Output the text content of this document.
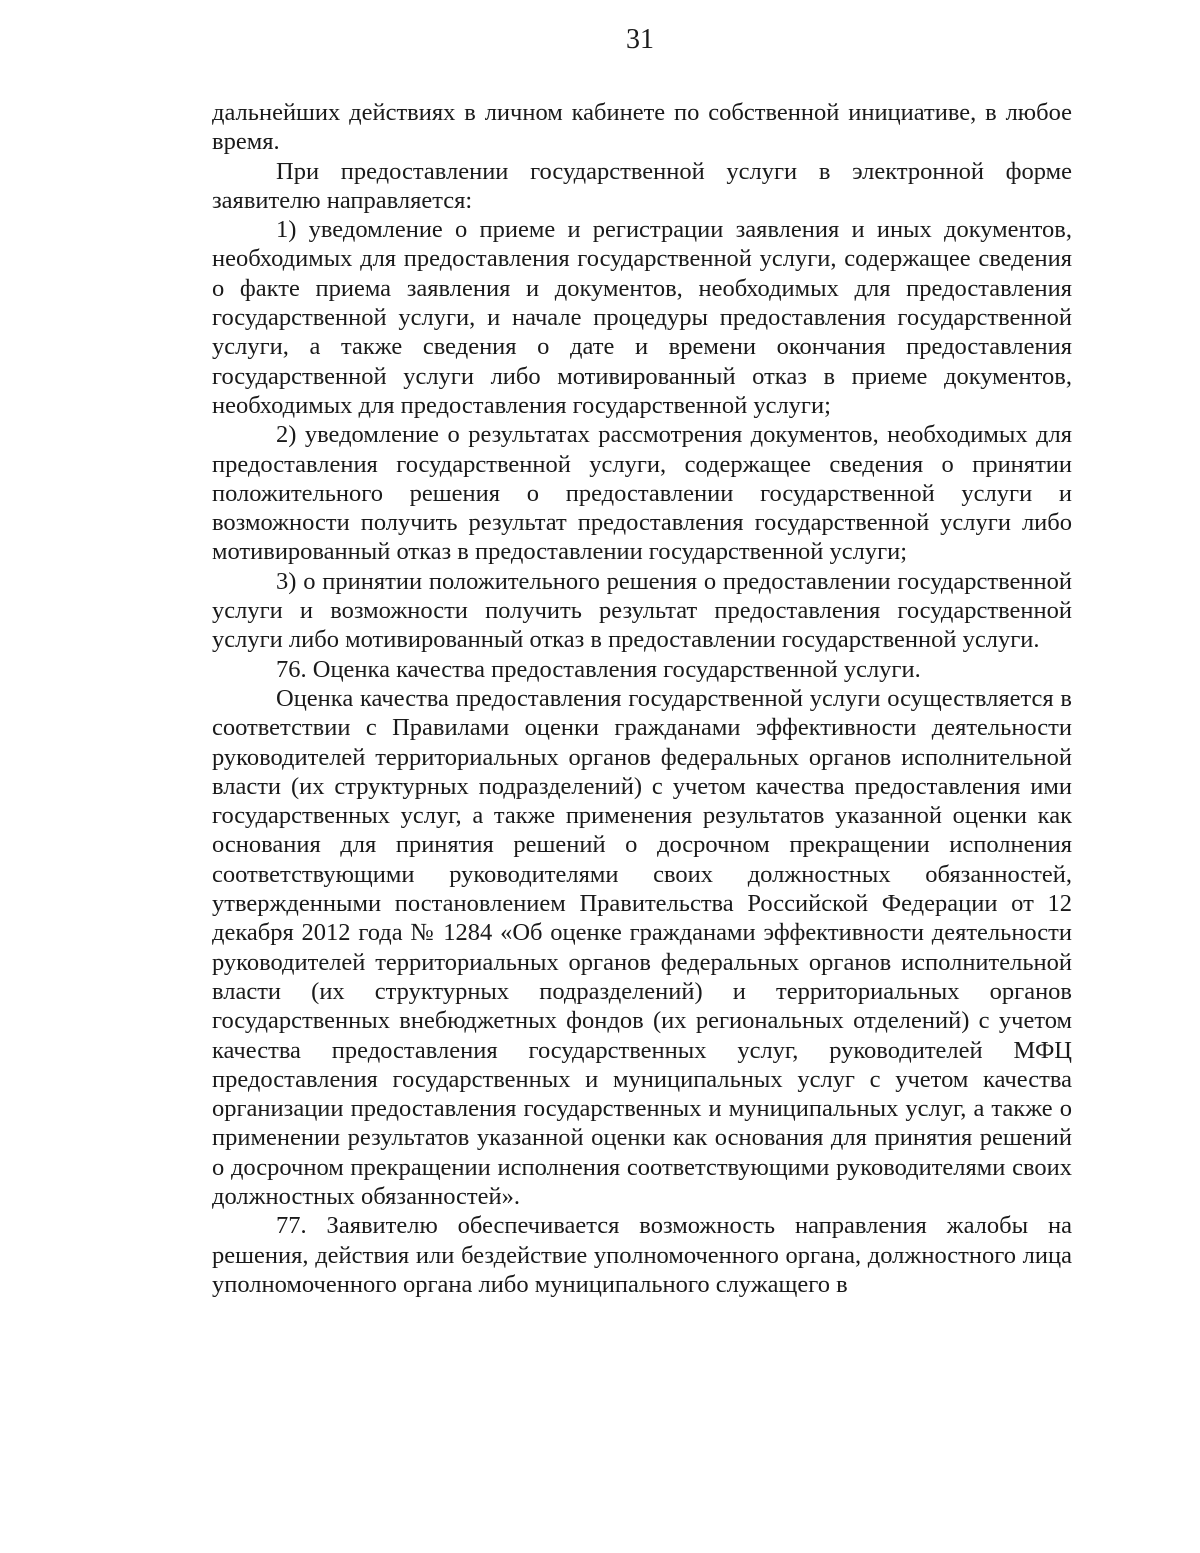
31

дальнейших действиях в личном кабинете по собственной инициативе, в любое время.

При предоставлении государственной услуги в электронной форме заявителю направляется:

1) уведомление о приеме и регистрации заявления и иных документов, необходимых для предоставления государственной услуги, содержащее сведения о факте приема заявления и документов, необходимых для предоставления государственной услуги, и начале процедуры предоставления государственной услуги, а также сведения о дате и времени окончания предоставления государственной услуги либо мотивированный отказ в приеме документов, необходимых для предоставления государственной услуги;

2) уведомление о результатах рассмотрения документов, необходимых для предоставления государственной услуги, содержащее сведения о принятии положительного решения о предоставлении государственной услуги и возможности получить результат предоставления государственной услуги либо мотивированный отказ в предоставлении государственной услуги;

3) о принятии положительного решения о предоставлении государственной услуги и возможности получить результат предоставления государственной услуги либо мотивированный отказ в предоставлении государственной услуги.

76. Оценка качества предоставления государственной услуги.

Оценка качества предоставления государственной услуги осуществляется в соответствии с Правилами оценки гражданами эффективности деятельности руководителей территориальных органов федеральных органов исполнительной власти (их структурных подразделений) с учетом качества предоставления ими государственных услуг, а также применения результатов указанной оценки как основания для принятия решений о досрочном прекращении исполнения соответствующими руководителями своих должностных обязанностей, утвержденными постановлением Правительства Российской Федерации от 12 декабря 2012 года № 1284 «Об оценке гражданами эффективности деятельности руководителей территориальных органов федеральных органов исполнительной власти (их структурных подразделений) и территориальных органов государственных внебюджетных фондов (их региональных отделений) с учетом качества предоставления государственных услуг, руководителей МФЦ предоставления государственных и муниципальных услуг с учетом качества организации предоставления государственных и муниципальных услуг, а также о применении результатов указанной оценки как основания для принятия решений о досрочном прекращении исполнения соответствующими руководителями своих должностных обязанностей».

77. Заявителю обеспечивается возможность направления жалобы на решения, действия или бездействие уполномоченного органа, должностного лица уполномоченного органа либо муниципального служащего в
